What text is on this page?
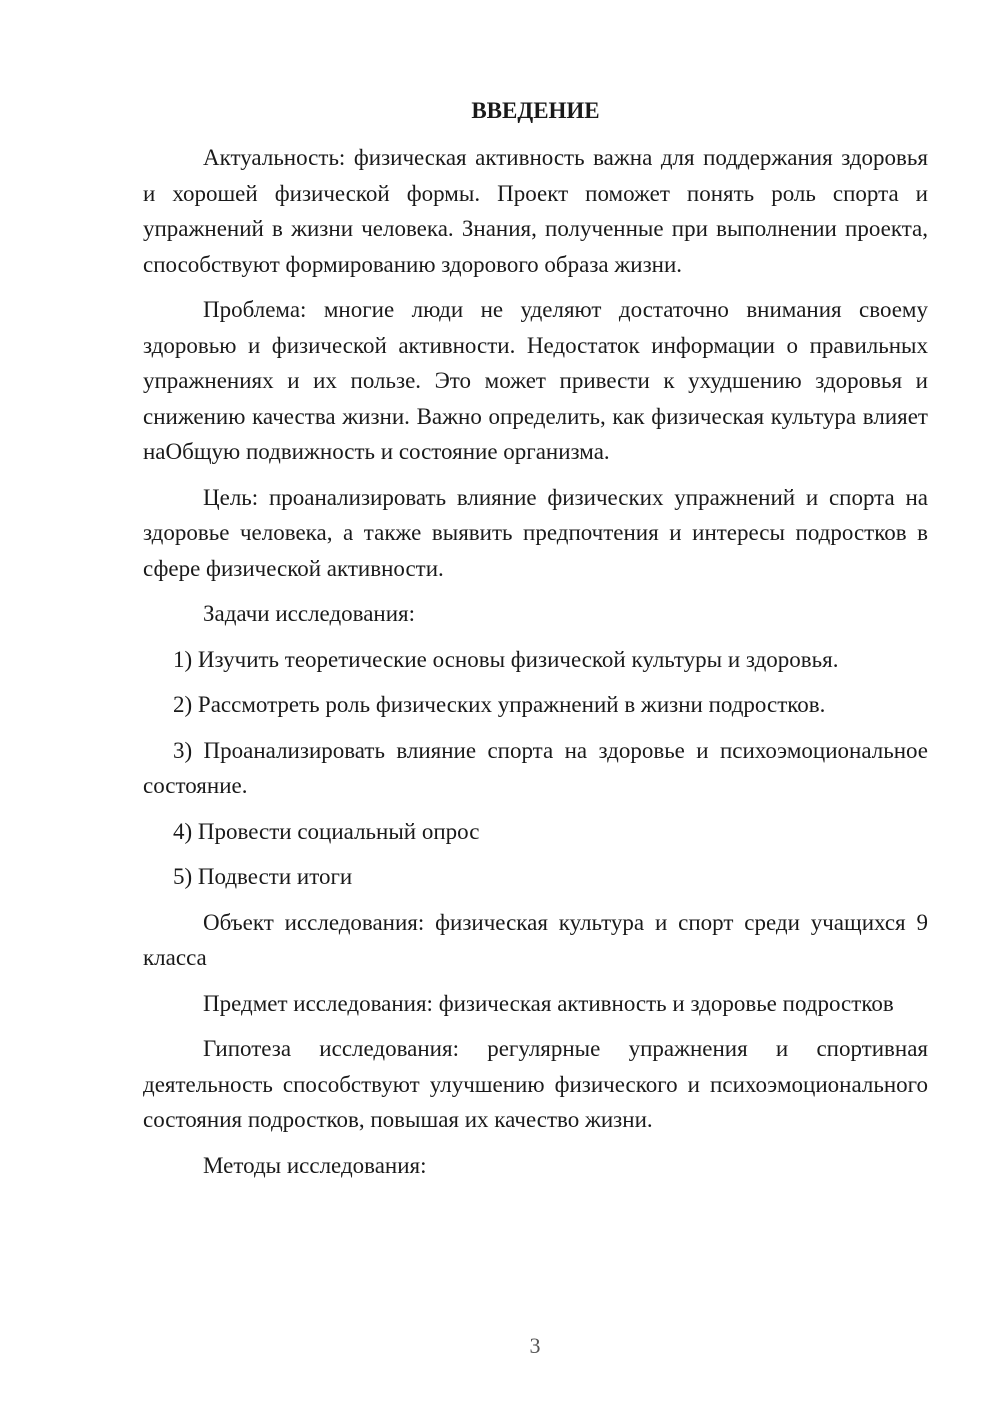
ВВЕДЕНИЕ

Актуальность: физическая активность важна для поддержания здоровья и хорошей физической формы. Проект поможет понять роль спорта и упражнений в жизни человека. Знания, полученные при выполнении проекта, способствуют формированию здорового образа жизни.

Проблема: многие люди не уделяют достаточно внимания своему здоровью и физической активности. Недостаток информации о правильных упражнениях и их пользе. Это может привести к ухудшению здоровья и снижению качества жизни. Важно определить, как физическая культура влияет наОбщую подвижность и состояние организма.

Цель: проанализировать влияние физических упражнений и спорта на здоровье человека, а также выявить предпочтения и интересы подростков в сфере физической активности.

Задачи исследования:

1) Изучить теоретические основы физической культуры и здоровья.

2) Рассмотреть роль физических упражнений в жизни подростков.

3) Проанализировать влияние спорта на здоровье и психоэмоциональное состояние.

4) Провести социальный опрос

5) Подвести итоги

Объект исследования: физическая культура и спорт среди учащихся 9 класса

Предмет исследования: физическая активность и здоровье подростков

Гипотеза исследования: регулярные упражнения и спортивная деятельность способствуют улучшению физического и психоэмоционального состояния подростков, повышая их качество жизни.

Методы исследования:

3
